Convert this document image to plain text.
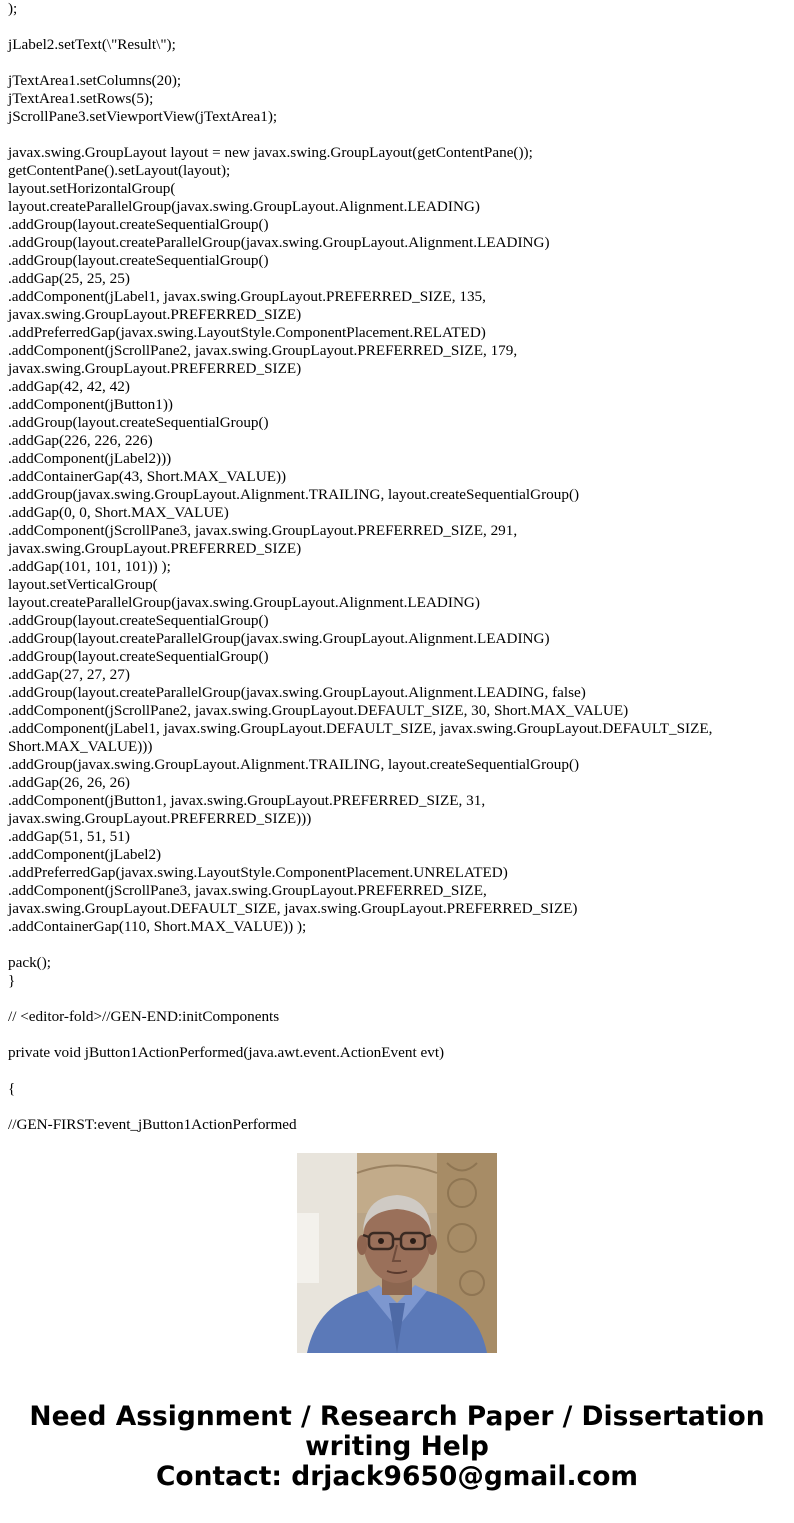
);
jLabel2.setText(\"Result\");
jTextArea1.setColumns(20);
jTextArea1.setRows(5);
jScrollPane3.setViewportView(jTextArea1);
javax.swing.GroupLayout layout = new javax.swing.GroupLayout(getContentPane());
getContentPane().setLayout(layout);
layout.setHorizontalGroup(
layout.createParallelGroup(javax.swing.GroupLayout.Alignment.LEADING)
.addGroup(layout.createSequentialGroup()
.addGroup(layout.createParallelGroup(javax.swing.GroupLayout.Alignment.LEADING)
.addGroup(layout.createSequentialGroup()
.addGap(25, 25, 25)
.addComponent(jLabel1, javax.swing.GroupLayout.PREFERRED_SIZE, 135,
javax.swing.GroupLayout.PREFERRED_SIZE)
.addPreferredGap(javax.swing.LayoutStyle.ComponentPlacement.RELATED)
.addComponent(jScrollPane2, javax.swing.GroupLayout.PREFERRED_SIZE, 179,
javax.swing.GroupLayout.PREFERRED_SIZE)
.addGap(42, 42, 42)
.addComponent(jButton1))
.addGroup(layout.createSequentialGroup()
.addGap(226, 226, 226)
.addComponent(jLabel2)))
.addContainerGap(43, Short.MAX_VALUE))
.addGroup(javax.swing.GroupLayout.Alignment.TRAILING, layout.createSequentialGroup()
.addGap(0, 0, Short.MAX_VALUE)
.addComponent(jScrollPane3, javax.swing.GroupLayout.PREFERRED_SIZE, 291,
javax.swing.GroupLayout.PREFERRED_SIZE)
.addGap(101, 101, 101)) );
layout.setVerticalGroup(
layout.createParallelGroup(javax.swing.GroupLayout.Alignment.LEADING)
.addGroup(layout.createSequentialGroup()
.addGroup(layout.createParallelGroup(javax.swing.GroupLayout.Alignment.LEADING)
.addGroup(layout.createSequentialGroup()
.addGap(27, 27, 27)
.addGroup(layout.createParallelGroup(javax.swing.GroupLayout.Alignment.LEADING, false)
.addComponent(jScrollPane2, javax.swing.GroupLayout.DEFAULT_SIZE, 30, Short.MAX_VALUE)
.addComponent(jLabel1, javax.swing.GroupLayout.DEFAULT_SIZE, javax.swing.GroupLayout.DEFAULT_SIZE,
Short.MAX_VALUE)))
.addGroup(javax.swing.GroupLayout.Alignment.TRAILING, layout.createSequentialGroup()
.addGap(26, 26, 26)
.addComponent(jButton1, javax.swing.GroupLayout.PREFERRED_SIZE, 31,
javax.swing.GroupLayout.PREFERRED_SIZE)))
.addGap(51, 51, 51)
.addComponent(jLabel2)
.addPreferredGap(javax.swing.LayoutStyle.ComponentPlacement.UNRELATED)
.addComponent(jScrollPane3, javax.swing.GroupLayout.PREFERRED_SIZE,
javax.swing.GroupLayout.DEFAULT_SIZE, javax.swing.GroupLayout.PREFERRED_SIZE)
.addContainerGap(110, Short.MAX_VALUE)) );
pack();
}
// <editor-fold>//GEN-END:initComponents
private void jButton1ActionPerformed(java.awt.event.ActionEvent evt)
{
//GEN-FIRST:event_jButton1ActionPerformed
Need Assignment / Research Paper / Dissertation
writing Help
Contact: drjack9650@gmail.com
